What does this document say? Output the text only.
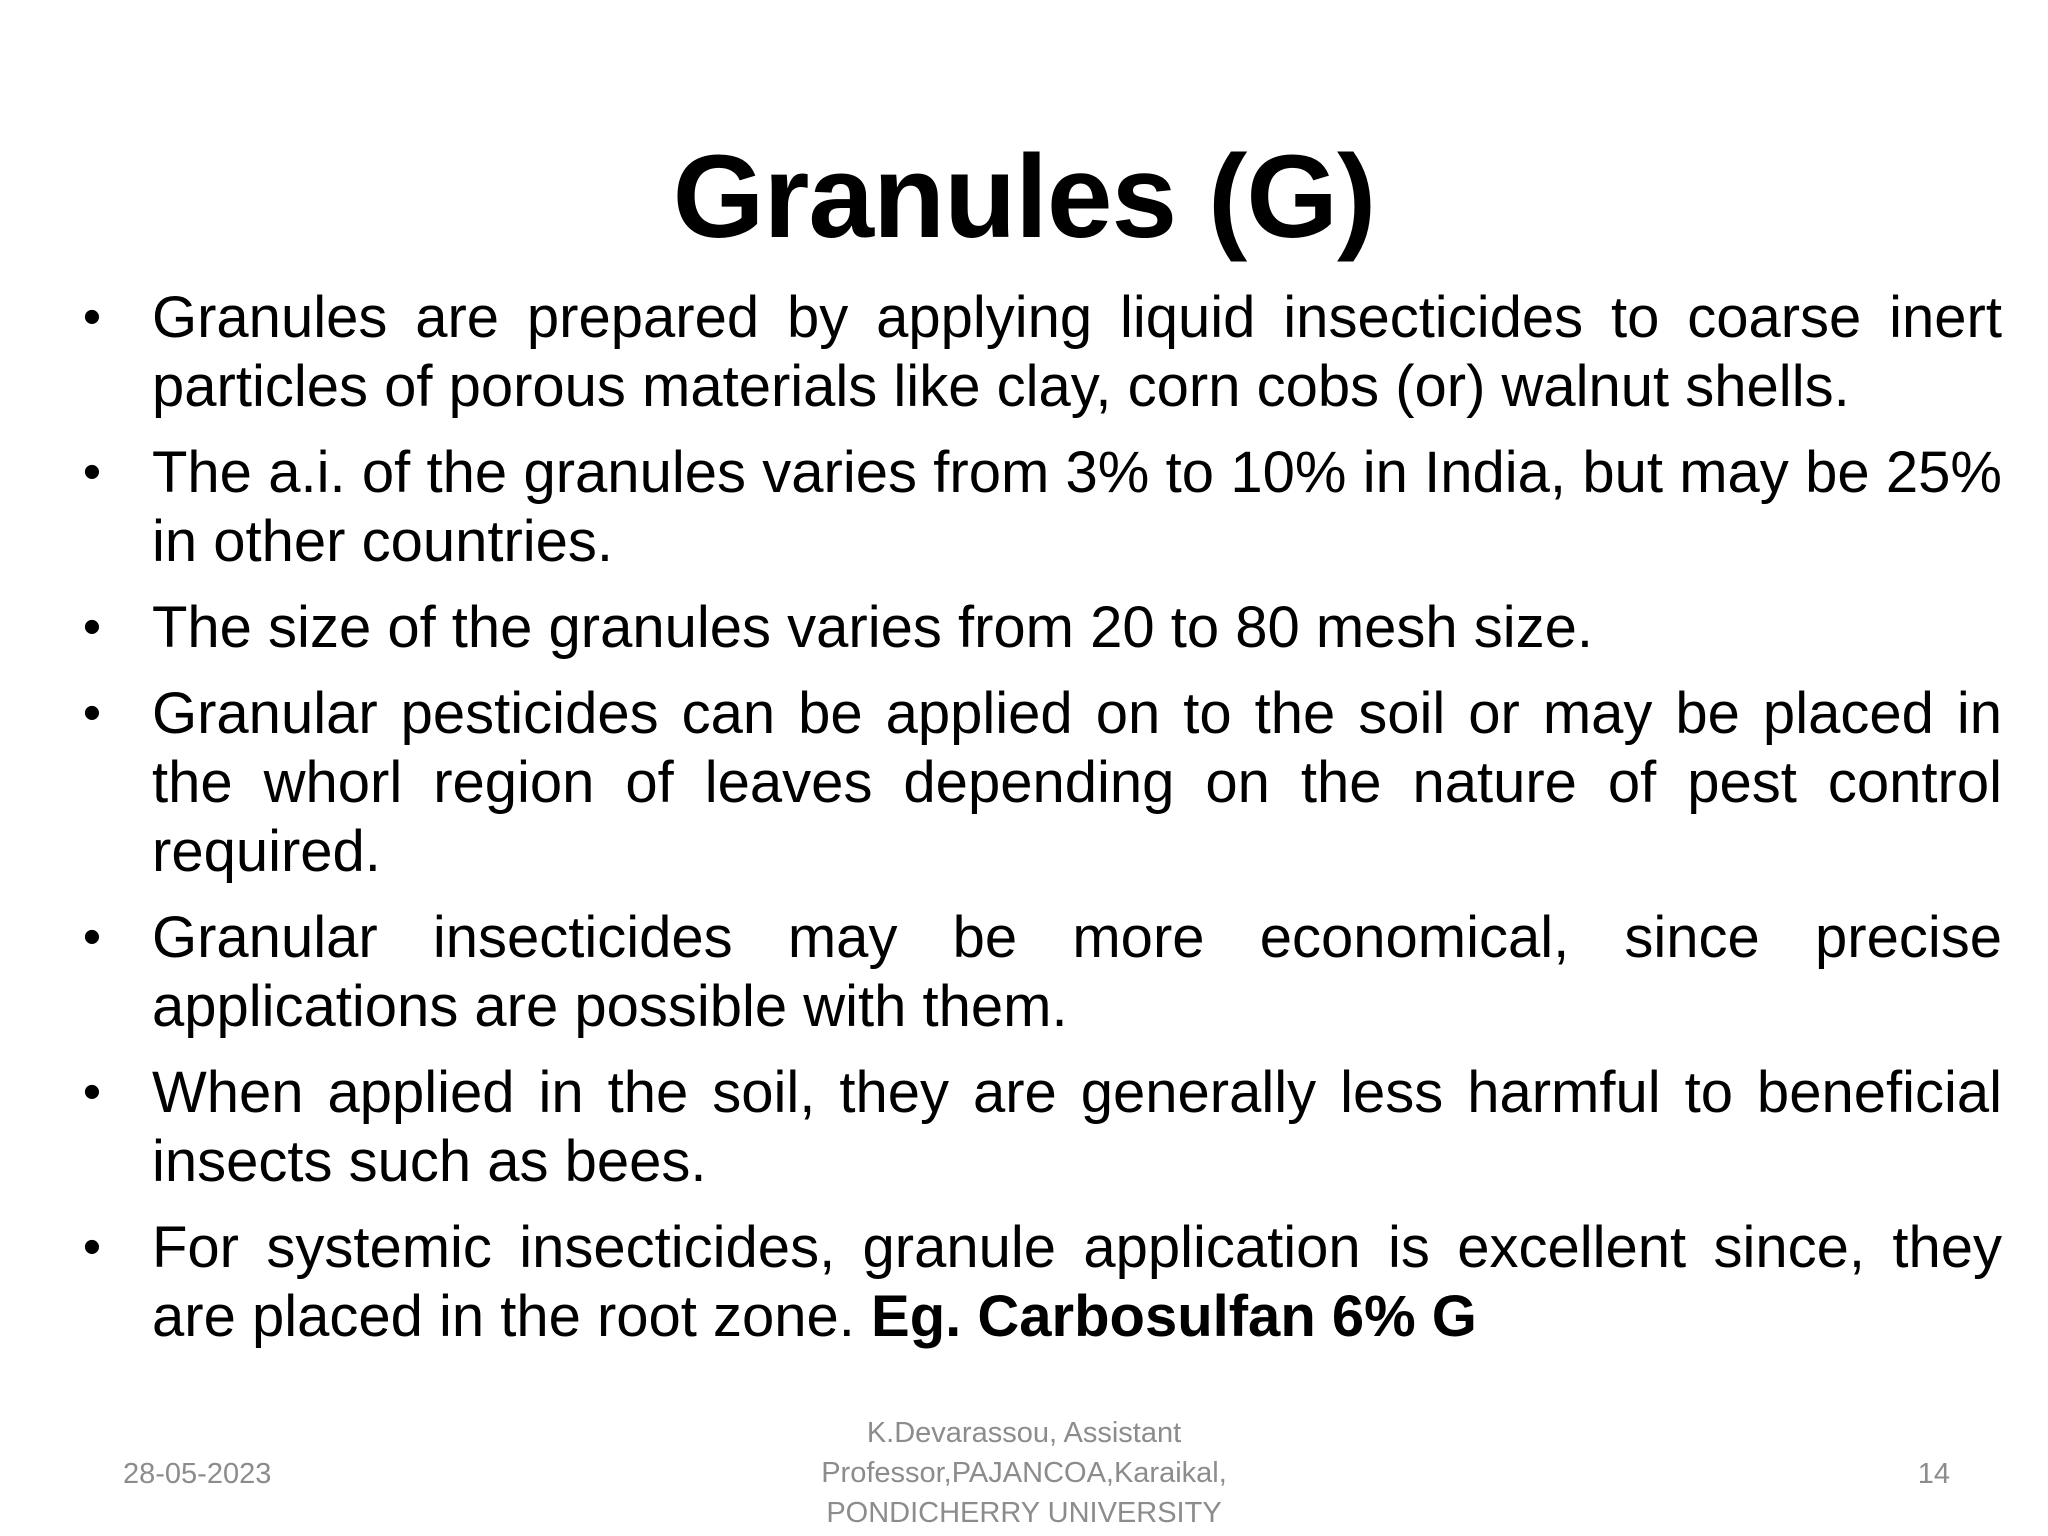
Granules (G)
• Granules are prepared by applying liquid insecticides to coarse inert particles of porous materials like clay, corn cobs (or) walnut shells.
• The a.i. of the granules varies from 3% to 10% in India, but may be 25% in other countries.
• The size of the granules varies from 20 to 80 mesh size.
• Granular pesticides can be applied on to the soil or may be placed in the whorl region of leaves depending on the nature of pest control required.
• Granular insecticides may be more economical, since precise applications are possible with them.
• When applied in the soil, they are generally less harmful to beneficial insects such as bees.
• For systemic insecticides, granule application is excellent since, they are placed in the root zone. Eg. Carbosulfan 6% G
28-05-2023
K.Devarassou, Assistant
Professor,PAJANCOA,Karaikal,
PONDICHERRY UNIVERSITY
14
